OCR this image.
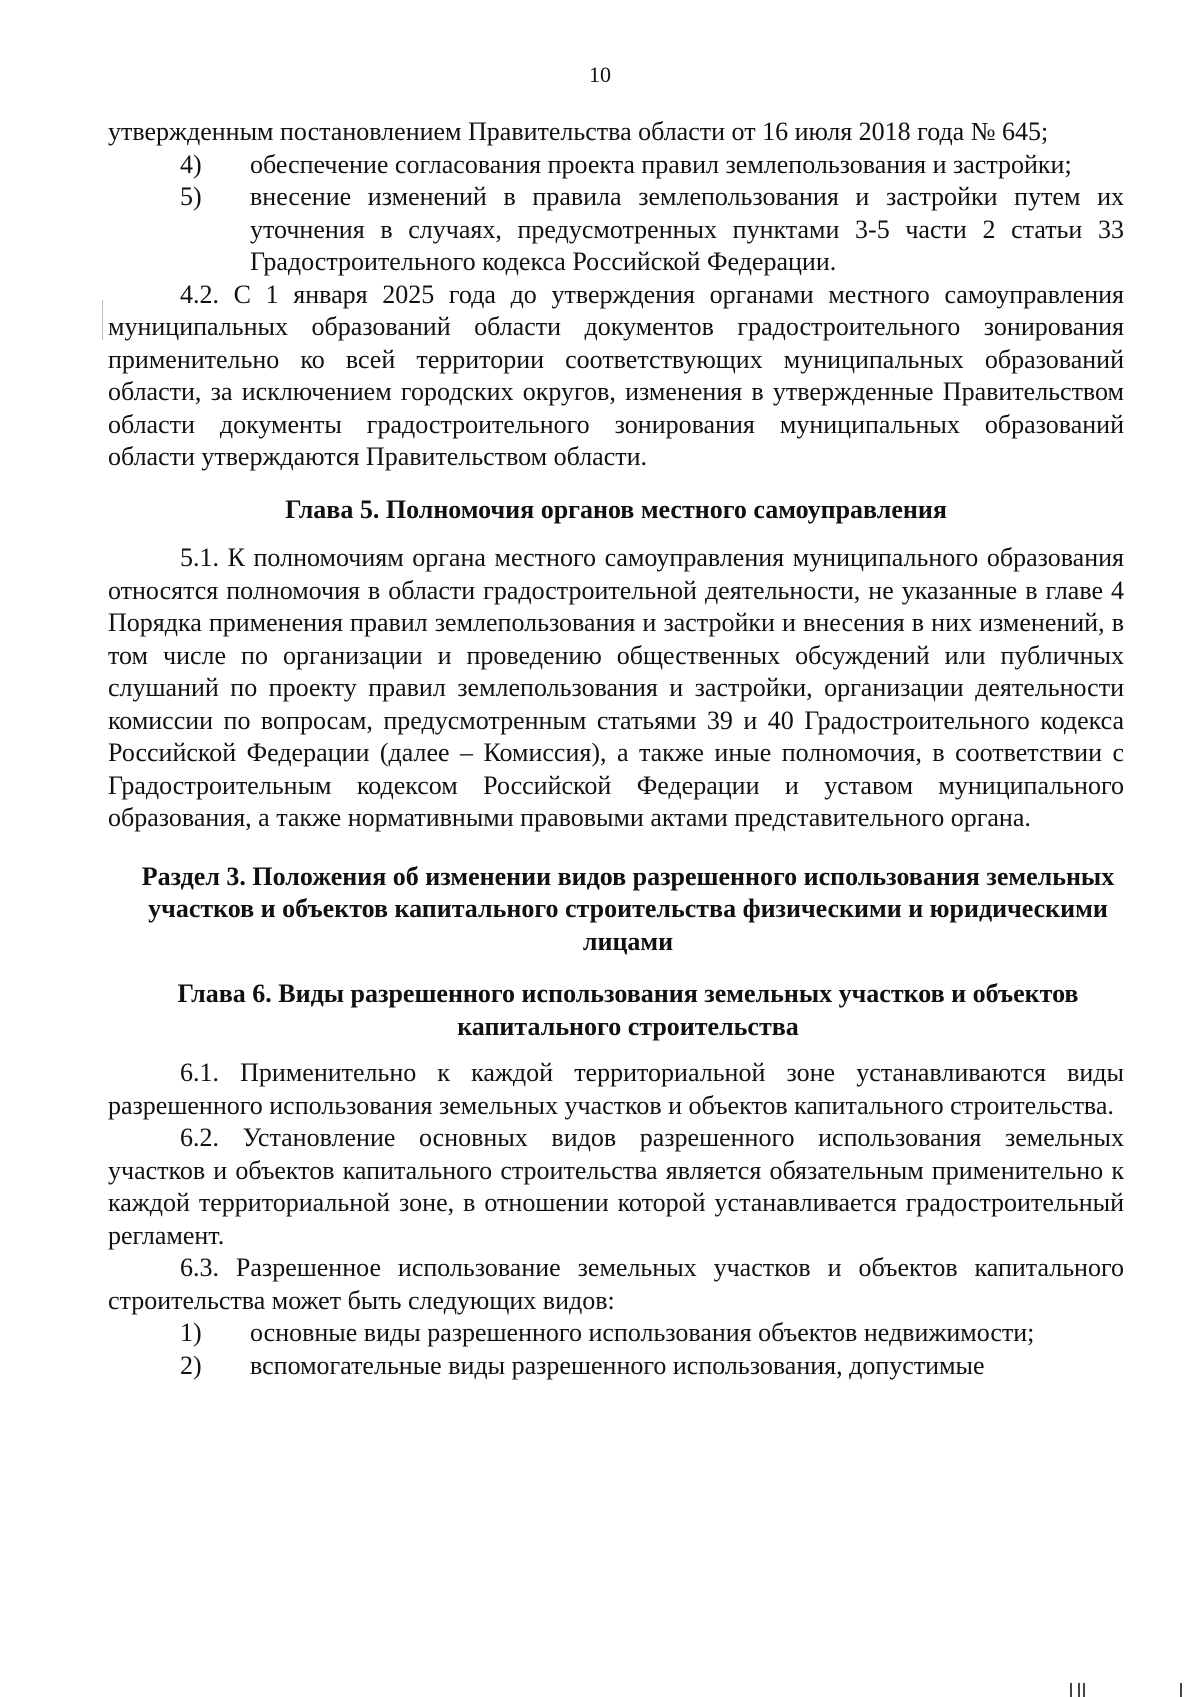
10

утвержденным постановлением Правительства области от 16 июля 2018 года № 645;

4)	обеспечение согласования проекта правил землепользования и застройки;
5)	внесение изменений в правила землепользования и застройки путем их уточнения в случаях, предусмотренных пунктами 3-5 части 2 статьи 33 Градостроительного кодекса Российской Федерации.

4.2. С 1 января 2025 года до утверждения органами местного самоуправления муниципальных образований области документов градостроительного зонирования применительно ко всей территории соответствующих муниципальных образований области, за исключением городских округов, изменения в утвержденные Правительством области документы градостроительного зонирования муниципальных образований области утверждаются Правительством области.

Глава 5. Полномочия органов местного самоуправления

5.1. К полномочиям органа местного самоуправления муниципального образования относятся полномочия в области градостроительной деятельности, не указанные в главе 4 Порядка применения правил землепользования и застройки и внесения в них изменений, в том числе по организации и проведению общественных обсуждений или публичных слушаний по проекту правил землепользования и застройки, организации деятельности комиссии по вопросам, предусмотренным статьями 39 и 40 Градостроительного кодекса Российской Федерации (далее – Комиссия), а также иные полномочия, в соответствии с Градостроительным кодексом Российской Федерации и уставом муниципального образования, а также нормативными правовыми актами представительного органа.

Раздел 3. Положения об изменении видов разрешенного использования земельных участков и объектов капитального строительства физическими и юридическими лицами

Глава 6. Виды разрешенного использования земельных участков и объектов капитального строительства

6.1. Применительно к каждой территориальной зоне устанавливаются виды разрешенного использования земельных участков и объектов капитального строительства.

6.2. Установление основных видов разрешенного использования земельных участков и объектов капитального строительства является обязательным применительно к каждой территориальной зоне, в отношении которой устанавливается градостроительный регламент.

6.3. Разрешенное использование земельных участков и объектов капитального строительства может быть следующих видов:

1)	основные виды разрешенного использования объектов недвижимости;
2)	вспомогательные виды разрешенного использования, допустимые
